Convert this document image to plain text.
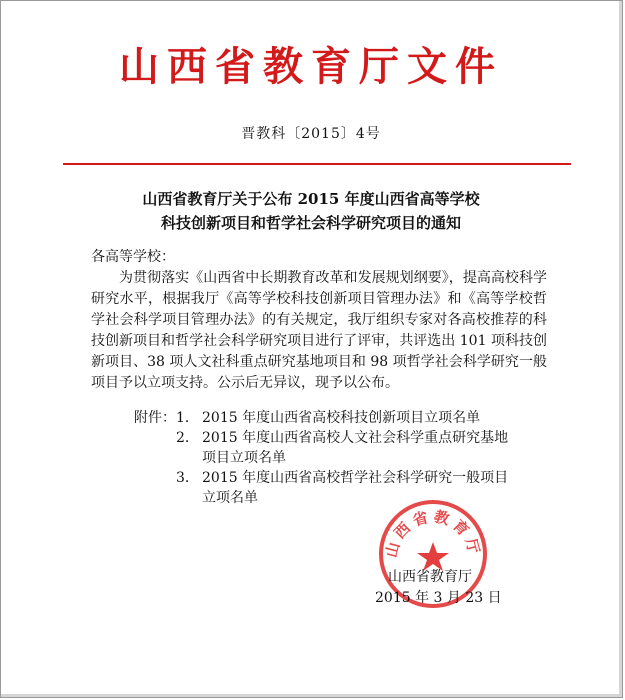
山西省教育厅文件
晋教科〔2015〕4号
山西省教育厅关于公布 2015 年度山西省高等学校
科技创新项目和哲学社会科学研究项目的通知

各高等学校：

为贯彻落实《山西省中长期教育改革和发展规划纲要》，提高高校科学研究水平，根据我厅《高等学校科技创新项目管理办法》和《高等学校哲学社会科学项目管理办法》的有关规定，我厅组织专家对各高校推荐的科技创新项目和哲学社会科学研究项目进行了评审，共评选出 101 项科技创新项目、38 项人文社科重点研究基地项目和 98 项哲学社会科学研究一般项目予以立项支持。公示后无异议，现予以公布。

附件： 1． 2015 年度山西省高校科技创新项目立项名单
2． 2015 年度山西省高校人文社会科学重点研究基地
项目立项名单
3． 2015 年度山西省高校哲学社会科学研究一般项目
立项名单
山西省教育厅
山西省教育厅
2015 年 3 月 23 日
